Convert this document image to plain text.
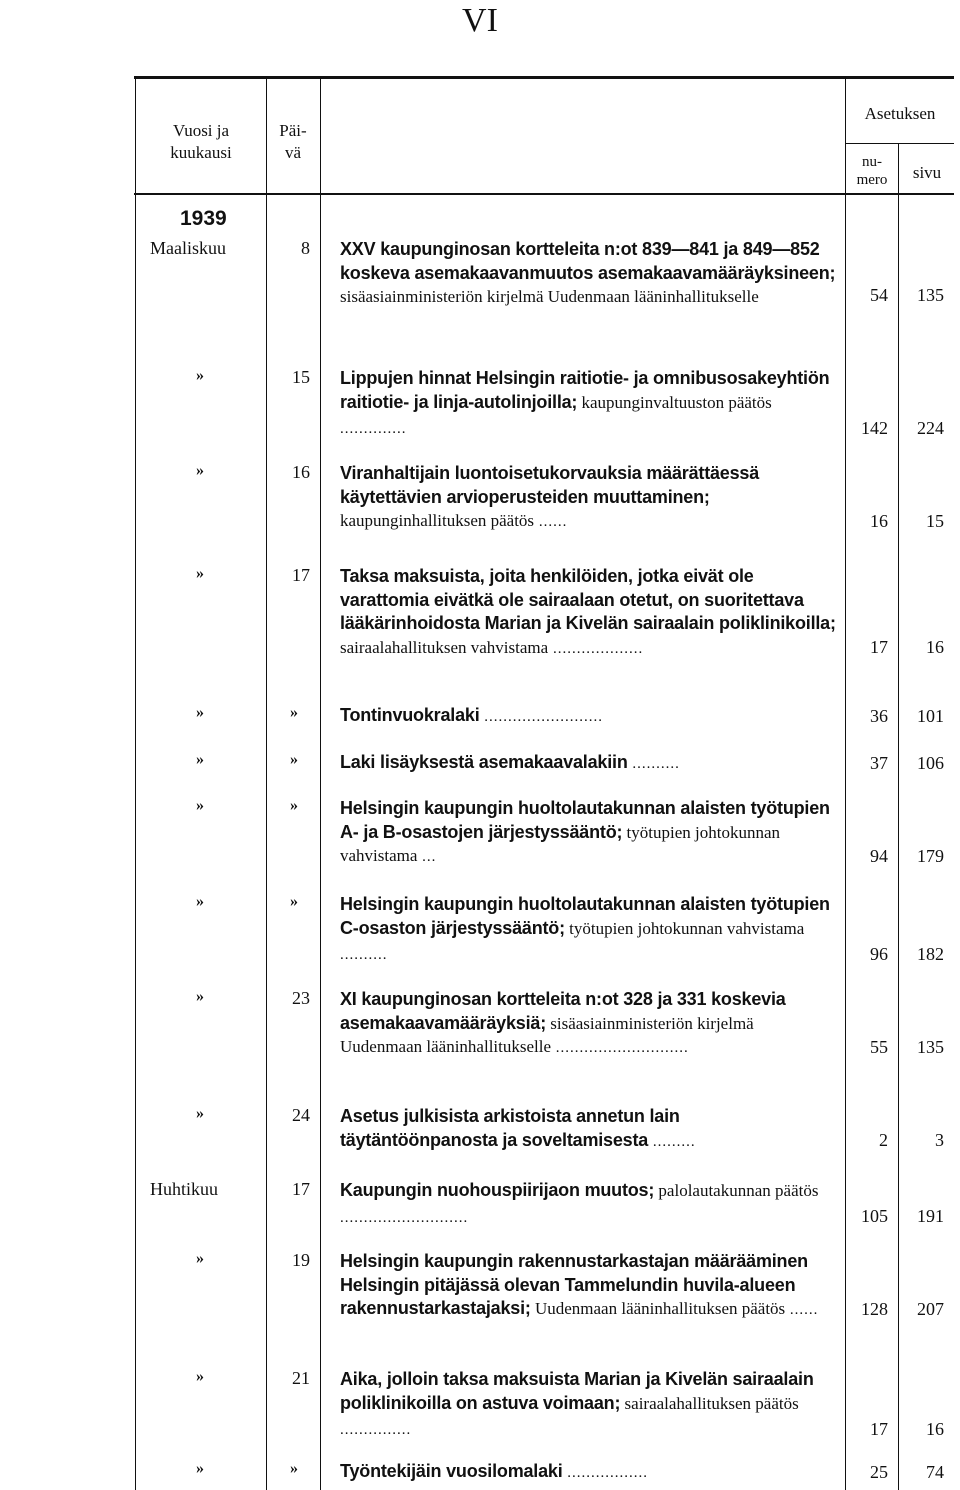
VI
Vuosi ja
kuukausi
Päi-
vä
Asetuksen
nu-
mero	sivu
1939
Maaliskuu	8 XXV kaupunginosan kortteleita n:ot 839—841 ja 849—852 koskeva asemakaavanmuutos asemakaavamääräyksineen; sisäasiainministeriön kirjelmä Uudenmaan lääninhallitukselle	54	135
»	15 Lippujen hinnat Helsingin raitiotie- ja omnibusosakeyhtiön raitiotie- ja linja-autolinjoilla; kaupunginvaltuuston päätös ..............	142	224
»	16 Viranhaltijain luontoisetukorvauksia määrättäessä käytettävien arvioperusteiden muuttaminen; kaupunginhallituksen päätös ......	16	15
»	17 Taksa maksuista, joita henkilöiden, jotka eivät ole varattomia eivätkä ole sairaalaan otetut, on suoritettava lääkärinhoidosta Marian ja Kivelän sairaalain poliklinikoilla; sairaalahallituksen vahvistama ...................	17	16
»	» Tontinvuokralaki .........................	36	101
»	» Laki lisäyksestä asemakaavalakiin ..........	37	106
»	» Helsingin kaupungin huoltolautakunnan alaisten työtupien A- ja B-osastojen järjestyssääntö; työtupien johtokunnan vahvistama ...	94	179
»	» Helsingin kaupungin huoltolautakunnan alaisten työtupien C-osaston järjestyssääntö; työtupien johtokunnan vahvistama ..........	96	182
»	23 XI kaupunginosan kortteleita n:ot 328 ja 331 koskevia asemakaavamääräyksiä; sisäasiainministeriön kirjelmä Uudenmaan lääninhallitukselle ............................	55	135
»	24 Asetus julkisista arkistoista annetun lain täytäntöönpanosta ja soveltamisesta .........	2	3
Huhtikuu	17 Kaupungin nuohouspiirijaon muutos; palolautakunnan päätös ...........................	105	191
»	19 Helsingin kaupungin rakennustarkastajan määrääminen Helsingin pitäjässä olevan Tammelundin huvila-alueen rakennustarkastajaksi; Uudenmaan lääninhallituksen päätös ......	128	207
»	21 Aika, jolloin taksa maksuista Marian ja Kivelän sairaalain poliklinikoilla on astuva voimaan; sairaalahallituksen päätös ...............	17	16
»	» Työntekijäin vuosilomalaki .................	25	74
